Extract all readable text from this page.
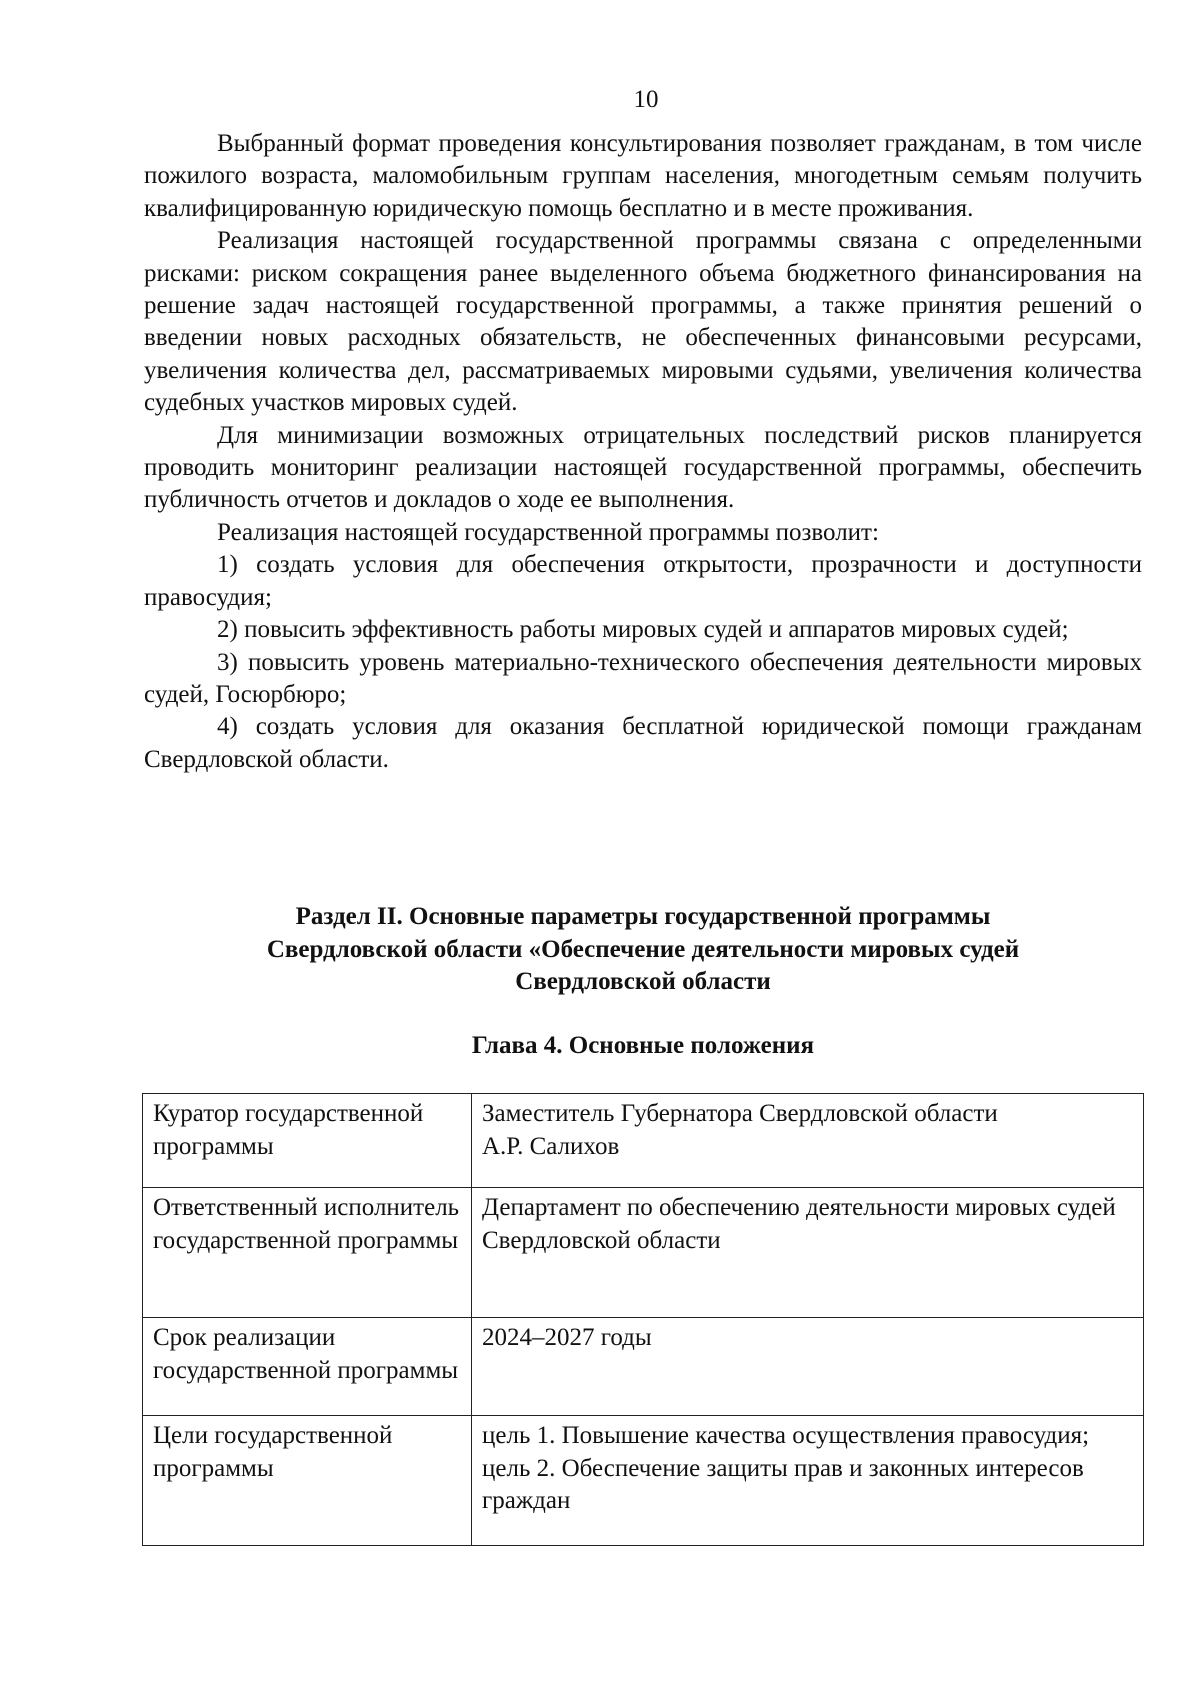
10

Выбранный формат проведения консультирования позволяет гражданам, в том числе пожилого возраста, маломобильным группам населения, многодетным семьям получить квалифицированную юридическую помощь бесплатно и в месте проживания.

Реализация настоящей государственной программы связана с определенными рисками: риском сокращения ранее выделенного объема бюджетного финансирования на решение задач настоящей государственной программы, а также принятия решений о введении новых расходных обязательств, не обеспеченных финансовыми ресурсами, увеличения количества дел, рассматриваемых мировыми судьями, увеличения количества судебных участков мировых судей.

Для минимизации возможных отрицательных последствий рисков планируется проводить мониторинг реализации настоящей государственной программы, обеспечить публичность отчетов и докладов о ходе ее выполнения.

Реализация настоящей государственной программы позволит:

1) создать условия для обеспечения открытости, прозрачности и доступности правосудия;

2) повысить эффективность работы мировых судей и аппаратов мировых судей;

3) повысить уровень материально-технического обеспечения деятельности мировых судей, Госюрбюро;

4) создать условия для оказания бесплатной юридической помощи гражданам Свердловской области.

Раздел II. Основные параметры государственной программы
Свердловской области «Обеспечение деятельности мировых судей
Свердловской области
Глава 4. Основные положения
Куратор государственной программы	Заместитель Губернатора Свердловской области
А.Р. Салихов

Ответственный исполнитель государственной программы	Департамент по обеспечению деятельности мировых судей Свердловской области

Срок реализации государственной программы	2024–2027 годы

Цели государственной программы	цель 1. Повышение качества осуществления правосудия;
цель 2. Обеспечение защиты прав и законных интересов граждан
